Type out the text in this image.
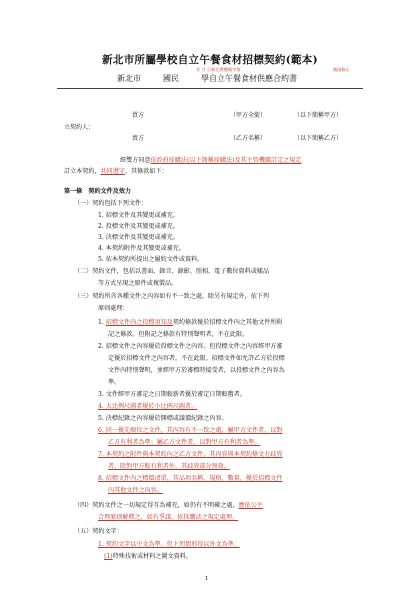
新北市所屬學校自立午餐食材招標契約(範本)
年 月 日新北教體衛字第	號函修正
新北市	國民	學自立午餐食材供應合約書
買方	（甲方全銜）	（以下簡稱甲方）
立契約人：
賣方	（乙方名稱）	（以下簡稱乙方）
經雙方同意依政府採購法(以下簡稱採購法)及其主管機關訂定之規定
訂立本契約，共同遵守，其條款如下：
第一條　契約文件及效力
（一）契約包括下列文件：
1. 招標文件及其變更或補充。
2. 投標文件及其變更或補充。
3. 決標文件及其變更或補充。
4. 本契約附件及其變更或補充。
5. 依本契約所提出之履約文件或資料。
（二）契約文件，包括以書面、錄音、錄影、照相、電子數位資料或樣品
等方式呈現之原件或複製品。
（三）契約所含各種文件之內容如有不一致之處，除另有規定外，依下列
原則處理：
1. 招標文件內之投標須知及契約條款優於招標文件內之其他文件所附
記之條款。但附記之條款有特別聲明者，不在此限。
2. 招標文件之內容優於投標文件之內容。但投標文件之內容經甲方審
定優於招標文件之內容者，不在此限。招標文件如允許乙方於投標
文件內特別聲明，並經甲方於審標時接受者，以投標文件之內容為
準。
3. 文件經甲方審定之日期較新者優於審定日期較舊者。
4. 大比例尺圖者優於小比例尺圖者。
5. 決標紀錄之內容優於開標或議價紀錄之內容。
6. 同一優先順位之文件，其內容有不一致之處，屬甲方文件者，以對
乙方有利者為準；屬乙方文件者，以對甲方有利者為準。
7. 本契約之附件與本契約內之乙方文件，其內容與本契約條文有歧異
者，除對甲方較有利者外，其歧異部分無效。
8. 招標文件內之標價清單，其品項名稱、規格、數量，優於招標文件
內其他文件之內容。
（四）契約文件之一切規定得互為補充，如仍有不明確之處，應依公平
合理原則解釋之，如有爭議，依採購法之規定處理。
（五）契約文字：
1. 契約文字以中文為準。但下列情形得以外文為準：
(1)特殊技術或材料之圖文資料。
1
